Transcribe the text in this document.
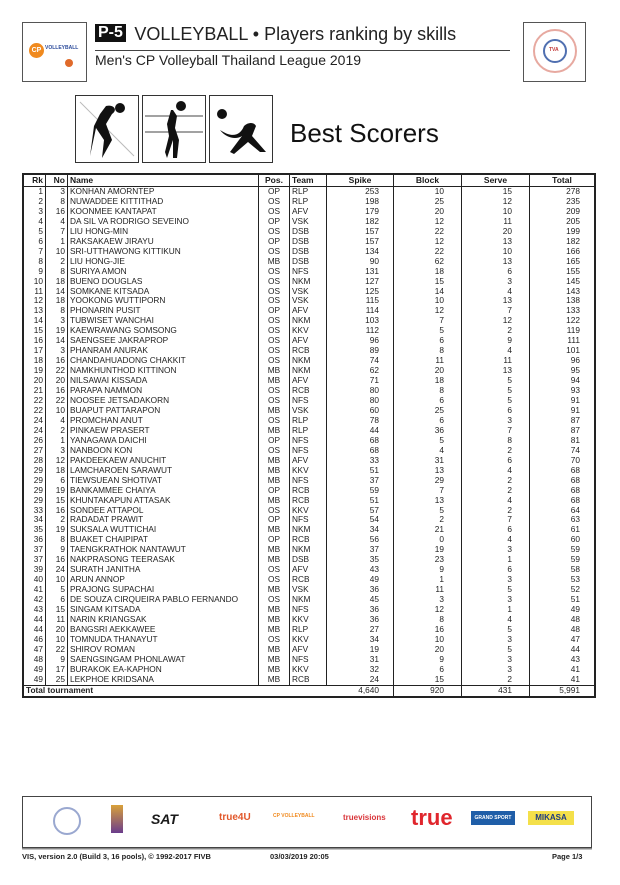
CP VOLLEYBALL
P-5 VOLLEYBALL • Players ranking by skills
Men's CP Volleyball Thailand League 2019
TVA
Best Scorers
Rk	No	Name	Pos.	Team	Spike	Block	Serve	Total
1	3	KONHAN AMORNTEP	OP	RLP	253	10	15	278
2	8	NUWADDEE KITTITHAD	OS	RLP	198	25	12	235
3	16	KOONMEE KANTAPAT	OS	AFV	179	20	10	209
4	4	DA SIL VA RODRIGO SEVEINO	OP	VSK	182	12	11	205
5	7	LIU HONG-MIN	OS	DSB	157	22	20	199
6	1	RAKSAKAEW JIRAYU	OP	DSB	157	12	13	182
7	10	SRI-UTTHAWONG KITTIKUN	OS	DSB	134	22	10	166
8	2	LIU HONG-JIE	MB	DSB	90	62	13	165
9	8	SURIYA AMON	OS	NFS	131	18	6	155
10	18	BUENO DOUGLAS	OS	NKM	127	15	3	145
11	14	SOMKANE KITSADA	OS	VSK	125	14	4	143
12	18	YOOKONG WUTTIPORN	OS	VSK	115	10	13	138
13	8	PHONARIN PUSIT	OP	AFV	114	12	7	133
14	3	TUBWISET WANCHAI	OS	NKM	103	7	12	122
15	19	KAEWRAWANG SOMSONG	OS	KKV	112	5	2	119
16	14	SAENGSEE JAKRAPROP	OS	AFV	96	6	9	111
17	3	PHANRAM ANURAK	OS	RCB	89	8	4	101
18	16	CHANDAHUADONG CHAKKIT	OS	NKM	74	11	11	96
19	22	NAMKHUNTHOD KITTINON	MB	NKM	62	20	13	95
20	20	NILSAWAI KISSADA	MB	AFV	71	18	5	94
21	16	PARAPA NAMMON	OS	RCB	80	8	5	93
22	22	NOOSEE JETSADAKORN	OS	NFS	80	6	5	91
22	10	BUAPUT PATTARAPON	MB	VSK	60	25	6	91
24	4	PROMCHAN ANUT	OS	RLP	78	6	3	87
24	2	PINKAEW PRASERT	MB	RLP	44	36	7	87
26	1	YANAGAWA DAICHI	OP	NFS	68	5	8	81
27	3	NANBOON KON	OS	NFS	68	4	2	74
28	12	PAKDEEKAEW ANUCHIT	MB	AFV	33	31	6	70
29	18	LAMCHAROEN SARAWUT	MB	KKV	51	13	4	68
29	6	TIEWSUEAN SHOTIVAT	MB	NFS	37	29	2	68
29	19	BANKAMMEE CHAIYA	OP	RCB	59	7	2	68
29	15	KHUNTAKAPUN ATTASAK	MB	RCB	51	13	4	68
33	16	SONDEE ATTAPOL	OS	KKV	57	5	2	64
34	2	RADADAT PRAWIT	OP	NFS	54	2	7	63
35	19	SUKSALA WUTTICHAI	MB	NKM	34	21	6	61
36	8	BUAKET CHAIPIPAT	OP	RCB	56	0	4	60
37	9	TAENGKRATHOK NANTAWUT	MB	NKM	37	19	3	59
37	16	NAKPRASONG TEERASAK	MB	DSB	35	23	1	59
39	24	SURATH JANITHA	OS	AFV	43	9	6	58
40	10	ARUN ANNOP	OS	RCB	49	1	3	53
41	5	PRAJONG SUPACHAI	MB	VSK	36	11	5	52
42	6	DE SOUZA CIRQUEIRA PABLO FERNANDO	OS	NKM	45	3	3	51
43	15	SINGAM KITSADA	MB	NFS	36	12	1	49
44	11	NARIN KRIANGSAK	MB	KKV	36	8	4	48
44	20	BANGSRI AEKKAWEE	MB	RLP	27	16	5	48
46	10	TOMNUDA THANAYUT	OS	KKV	34	10	3	47
47	22	SHIROV ROMAN	MB	AFV	19	20	5	44
48	9	SAENGSINGAM PHONLAWAT	MB	NFS	31	9	3	43
49	17	BURAKOK EA-KAPHON	MB	KKV	32	6	3	41
49	25	LEKPHOE KRIDSANA	MB	RCB	24	15	2	41
Total tournament					4,640	920	431	5,991
SAT	true4U	CP VOLLEYBALL	truevisions true	GRAND SPORT	MIKASA
VIS, version 2.0 (Build 3, 16 pools), © 1992-2017 FIVB	03/03/2019 20:05	Page 1/3
